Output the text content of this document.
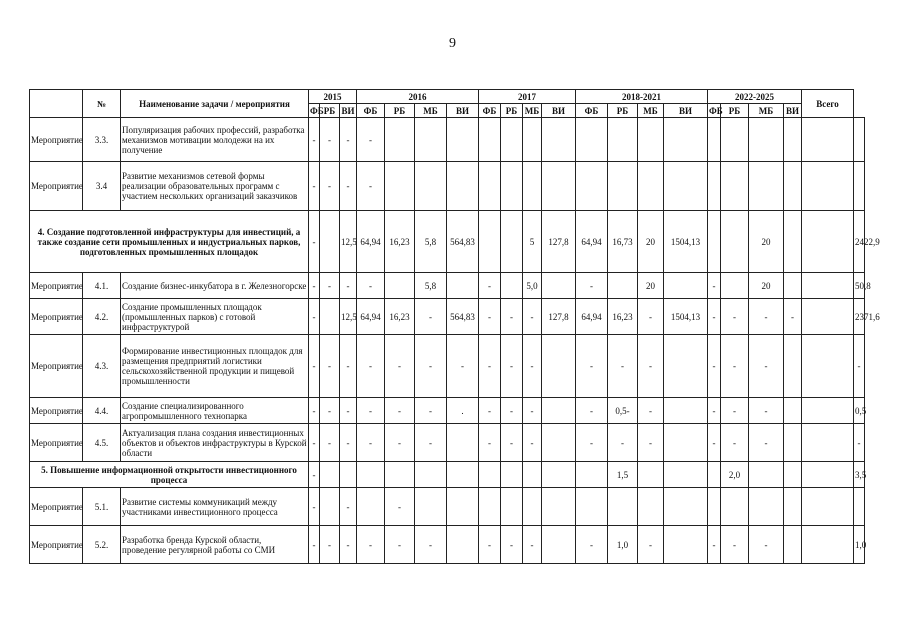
9
	№	Наименование задачи / мероприятия	2015			2016				2017				2018-2021				2022-2025				Всего	
			ФБ	РБ	ВИ	ФБ	РБ	МБ	ВИ	ФБ	РБ	МБ	ВИ	ФБ	РБ	МБ	ВИ	ФБ	РБ	МБ	ВИ		
Мероприятие	3.3.	Популяризация рабочих профессий, разработка механизмов мотивации молодежи на их получение	-	-	-	-																	
Мероприятие	3.4	Развитие механизмов сетевой формы реализации образовательных программ с участием нескольких организаций заказчиков	-	-	-	-																	
4. Создание подготовленной инфраструктуры для инвестиций, а также создание сети промышленных и индустриальных парков, подготовленных промышленных площадок			-		12,5	64,94	16,23	5,8	564,83			5	127,8	64,94	16,73	20	1504,13			20			2422,9
Мероприятие	4.1.	Создание бизнес-инкубатора в г. Железногорске	-	-	-	-		5,8		-		5,0		-		20		-		20			50,8
Мероприятие	4.2.	Создание промышленных площадок (промышленных парков) с готовой инфраструктурой	-		12,5	64,94	16,23	-	564,83	-	-	-	127,8	64,94	16,23	-	1504,13	-	-	-	-		2371,6
Мероприятие	4.3.	Формирование инвестиционных площадок для размещения предприятий логистики сельскохозяйственной продукции и пищевой промышленности	-	-	-	-	-	-	-	-	-	-		-	-	-		-	-	-			-
Мероприятие	4.4.	Создание специализированного агропромышленного технопарка	-	-	-	-	-	-	.	-	-	-		-	0,5-	-		-	-	-			0,5
Мероприятие	4.5.	Актуализация плана создания инвестиционных объектов и объектов инфраструктуры в Курской области	-	-	-	-	-	-		-	-	-		-	-	-		-	-	-			-
5. Повышение информационной открытости инвестиционного процесса			-												1,5				2,0				3,5
Мероприятие	5.1.	Развитие системы коммуникаций между участниками инвестиционного процесса	-		-		-																
Мероприятие	5.2.	Разработка бренда Курской области, проведение регулярной работы со СМИ	-	-	-	-	-	-		-	-	-		-	1,0	-		-	-	-			1,0
